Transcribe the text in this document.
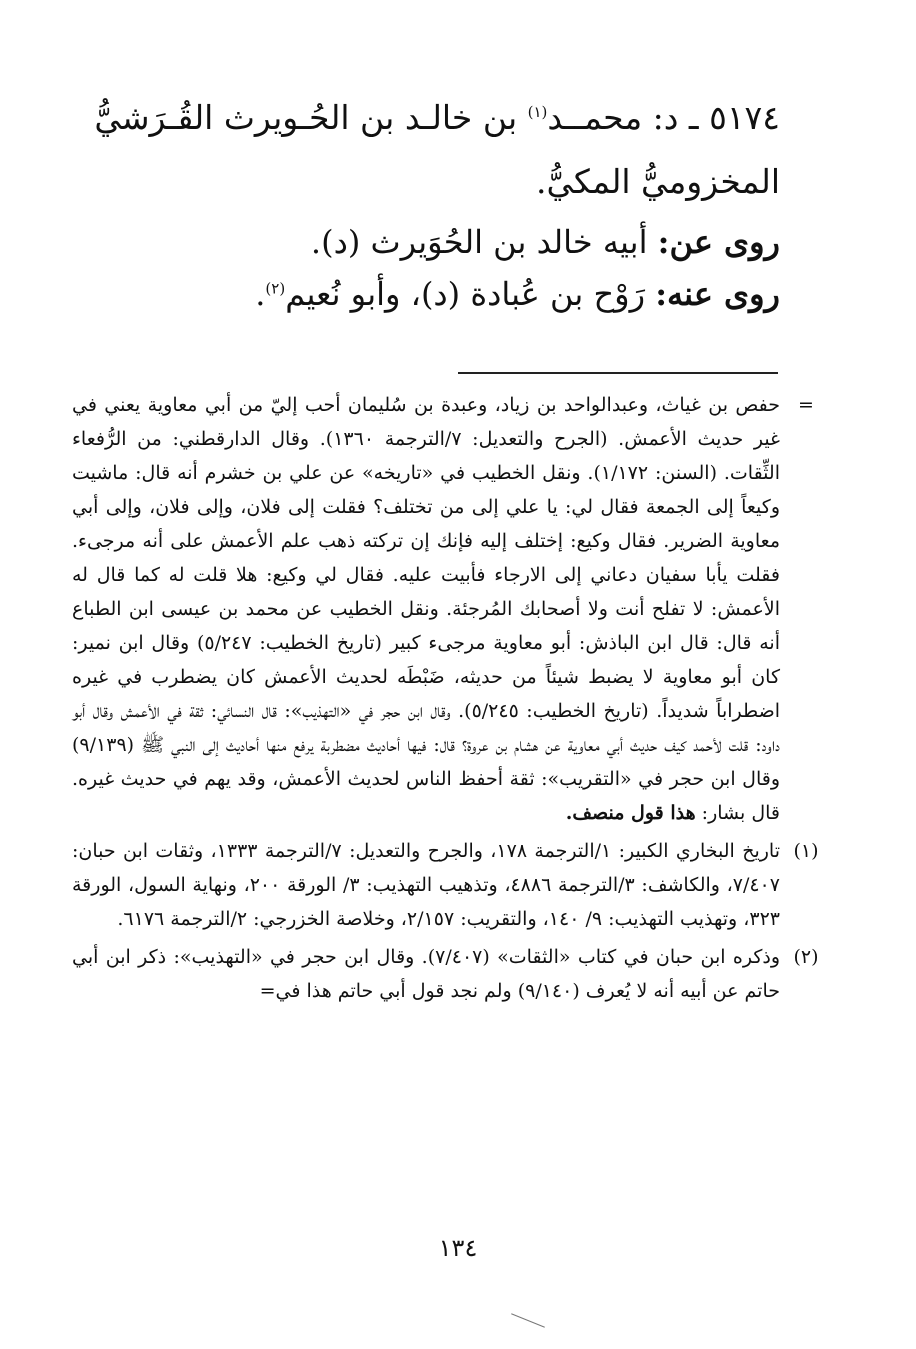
٥١٧٤ ـ د: محمــد$^{(١)}$ بن خالـد بن الحُـويرث القُـرَشيُّ المخزوميُّ المكيُّ.
روى عن: أبيه خالد بن الحُوَيرث (د).
روى عنه: رَوْح بن عُبادة (د)، وأبو نُعيم$^{(٢)}$.
=
حفص بن غياث، وعبدالواحد بن زياد، وعبدة بن سُليمان أحب إليّ من أبي معاوية يعني في غير حديث الأعمش. (الجرح والتعديل: ٧/الترجمة ١٣٦٠). وقال الدارقطني: من الرُّفعاء الثِّقات. (السنن: ١/١٧٢). ونقل الخطيب في «تاريخه» عن علي بن خشرم أنه قال: ماشيت وكيعاً إلى الجمعة فقال لي: يا علي إلى من تختلف؟ فقلت إلى فلان، وإلى فلان، وإلى أبي معاوية الضرير. فقال وكيع: إختلف إليه فإنك إن تركته ذهب علم الأعمش على أنه مرجىء. فقلت يأبا سفيان دعاني إلى الارجاء فأبيت عليه. فقال لي وكيع: هلا قلت له كما قال له الأعمش: لا تفلح أنت ولا أصحابك المُرجئة. ونقل الخطيب عن محمد بن عيسى ابن الطباع أنه قال: قال ابن الباذش: أبو معاوية مرجىء كبير (تاريخ الخطيب: ٥/٢٤٧) وقال ابن نمير: كان أبو معاوية لا يضبط شيئاً من حديثه، ضَبْطَه لحديث الأعمش كان يضطرب في غيره اضطراباً شديداً. (تاريخ الخطيب: ٥/٢٤٥). وقال ابن حجر في «التهذيب»: قال النسائي: ثقة في الأعمش وقال أبو داود: قلت لأحمد كيف حديث أبي معاوية عن هشام بن عروة؟ قال: فيها أحاديث مضطربة يرفع منها أحاديث إلى النبي ﷺ (٩/١٣٩) وقال ابن حجر في «التقريب»: ثقة أحفظ الناس لحديث الأعمش، وقد يهم في حديث غيره. قال بشار: هذا قول منصف.
(١)
تاريخ البخاري الكبير: ١/الترجمة ١٧٨، والجرح والتعديل: ٧/الترجمة ١٣٣٣، وثقات ابن حبان: ٧/٤٠٧، والكاشف: ٣/الترجمة ٤٨٨٦، وتذهيب التهذيب: ٣/ الورقة ٢٠٠، ونهاية السول، الورقة ٣٢٣، وتهذيب التهذيب: ٩/ ١٤٠، والتقريب: ٢/١٥٧، وخلاصة الخزرجي: ٢/الترجمة ٦١٧٦.
(٢)
وذكره ابن حبان في كتاب «الثقات» (٧/٤٠٧). وقال ابن حجر في «التهذيب»: ذكر ابن أبي حاتم عن أبيه أنه لا يُعرف (٩/١٤٠) ولم نجد قول أبي حاتم هذا في=
١٣٤
